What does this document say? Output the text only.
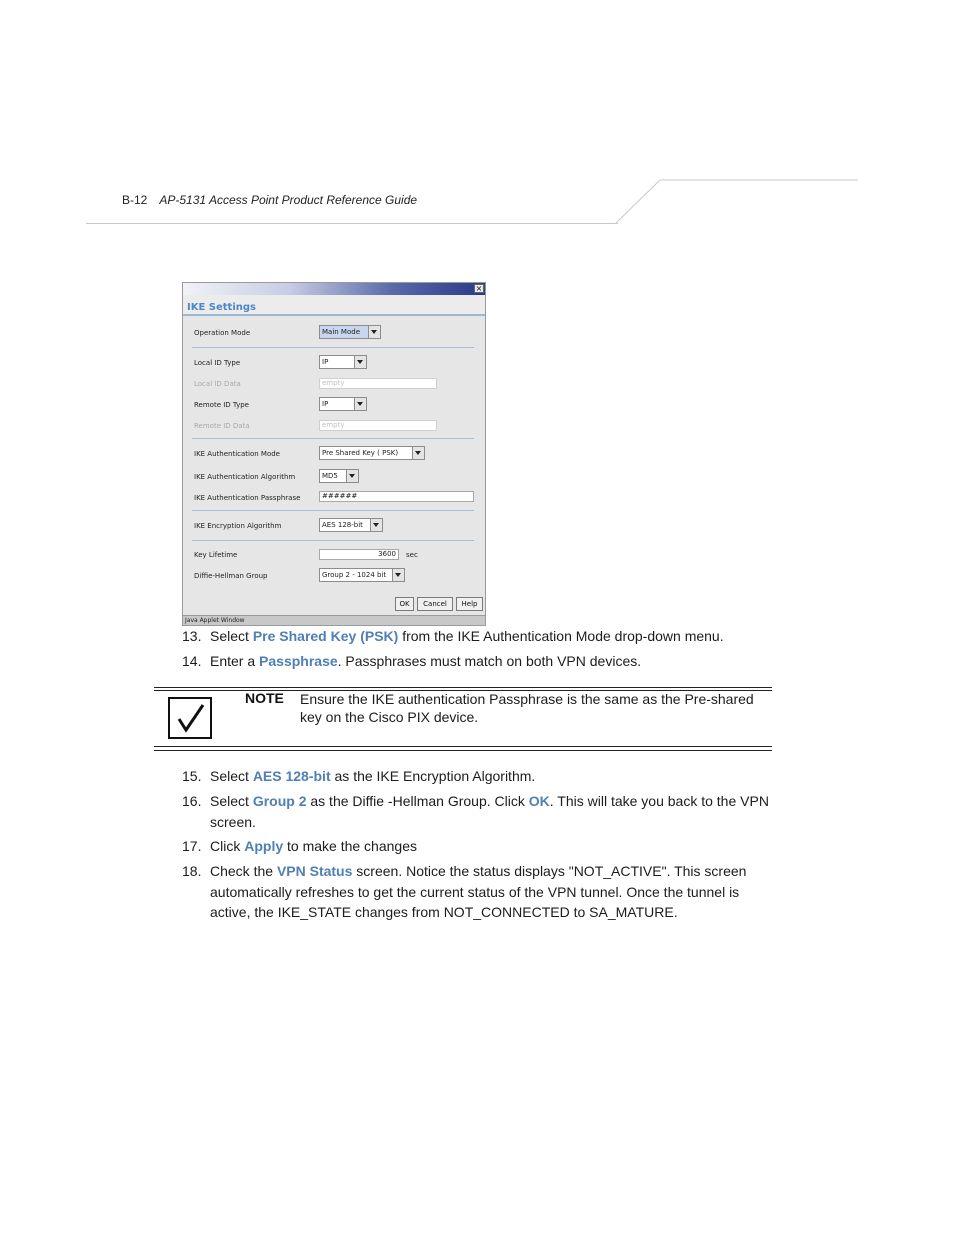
B-12 AP-5131 Access Point Product Reference Guide
×
IKE Settings
Operation Mode	Main Mode
Local ID Type	IP
Local ID Data	empty
Remote ID Type	IP
Remote ID Data	empty
IKE Authentication Mode	Pre Shared Key ( PSK)
IKE Authentication Algorithm	MD5
IKE Authentication Passphrase	######
IKE Encryption Algorithm	AES 128-bit
Key Lifetime	3600	sec
Diffie-Hellman Group	Group 2 - 1024 bit
OK	Cancel	Help
Java Applet Window
13. Select Pre Shared Key (PSK) from the IKE Authentication Mode drop-down menu.
14. Enter a Passphrase. Passphrases must match on both VPN devices.
NOTE Ensure the IKE authentication Passphrase is the same as the Pre-shared key on the Cisco PIX device.
15. Select AES 128-bit as the IKE Encryption Algorithm.
16. Select Group 2 as the Diffie -Hellman Group. Click OK. This will take you back to the VPN screen.
17. Click Apply to make the changes
18. Check the VPN Status screen. Notice the status displays "NOT_ACTIVE". This screen automatically refreshes to get the current status of the VPN tunnel. Once the tunnel is active, the IKE_STATE changes from NOT_CONNECTED to SA_MATURE.
